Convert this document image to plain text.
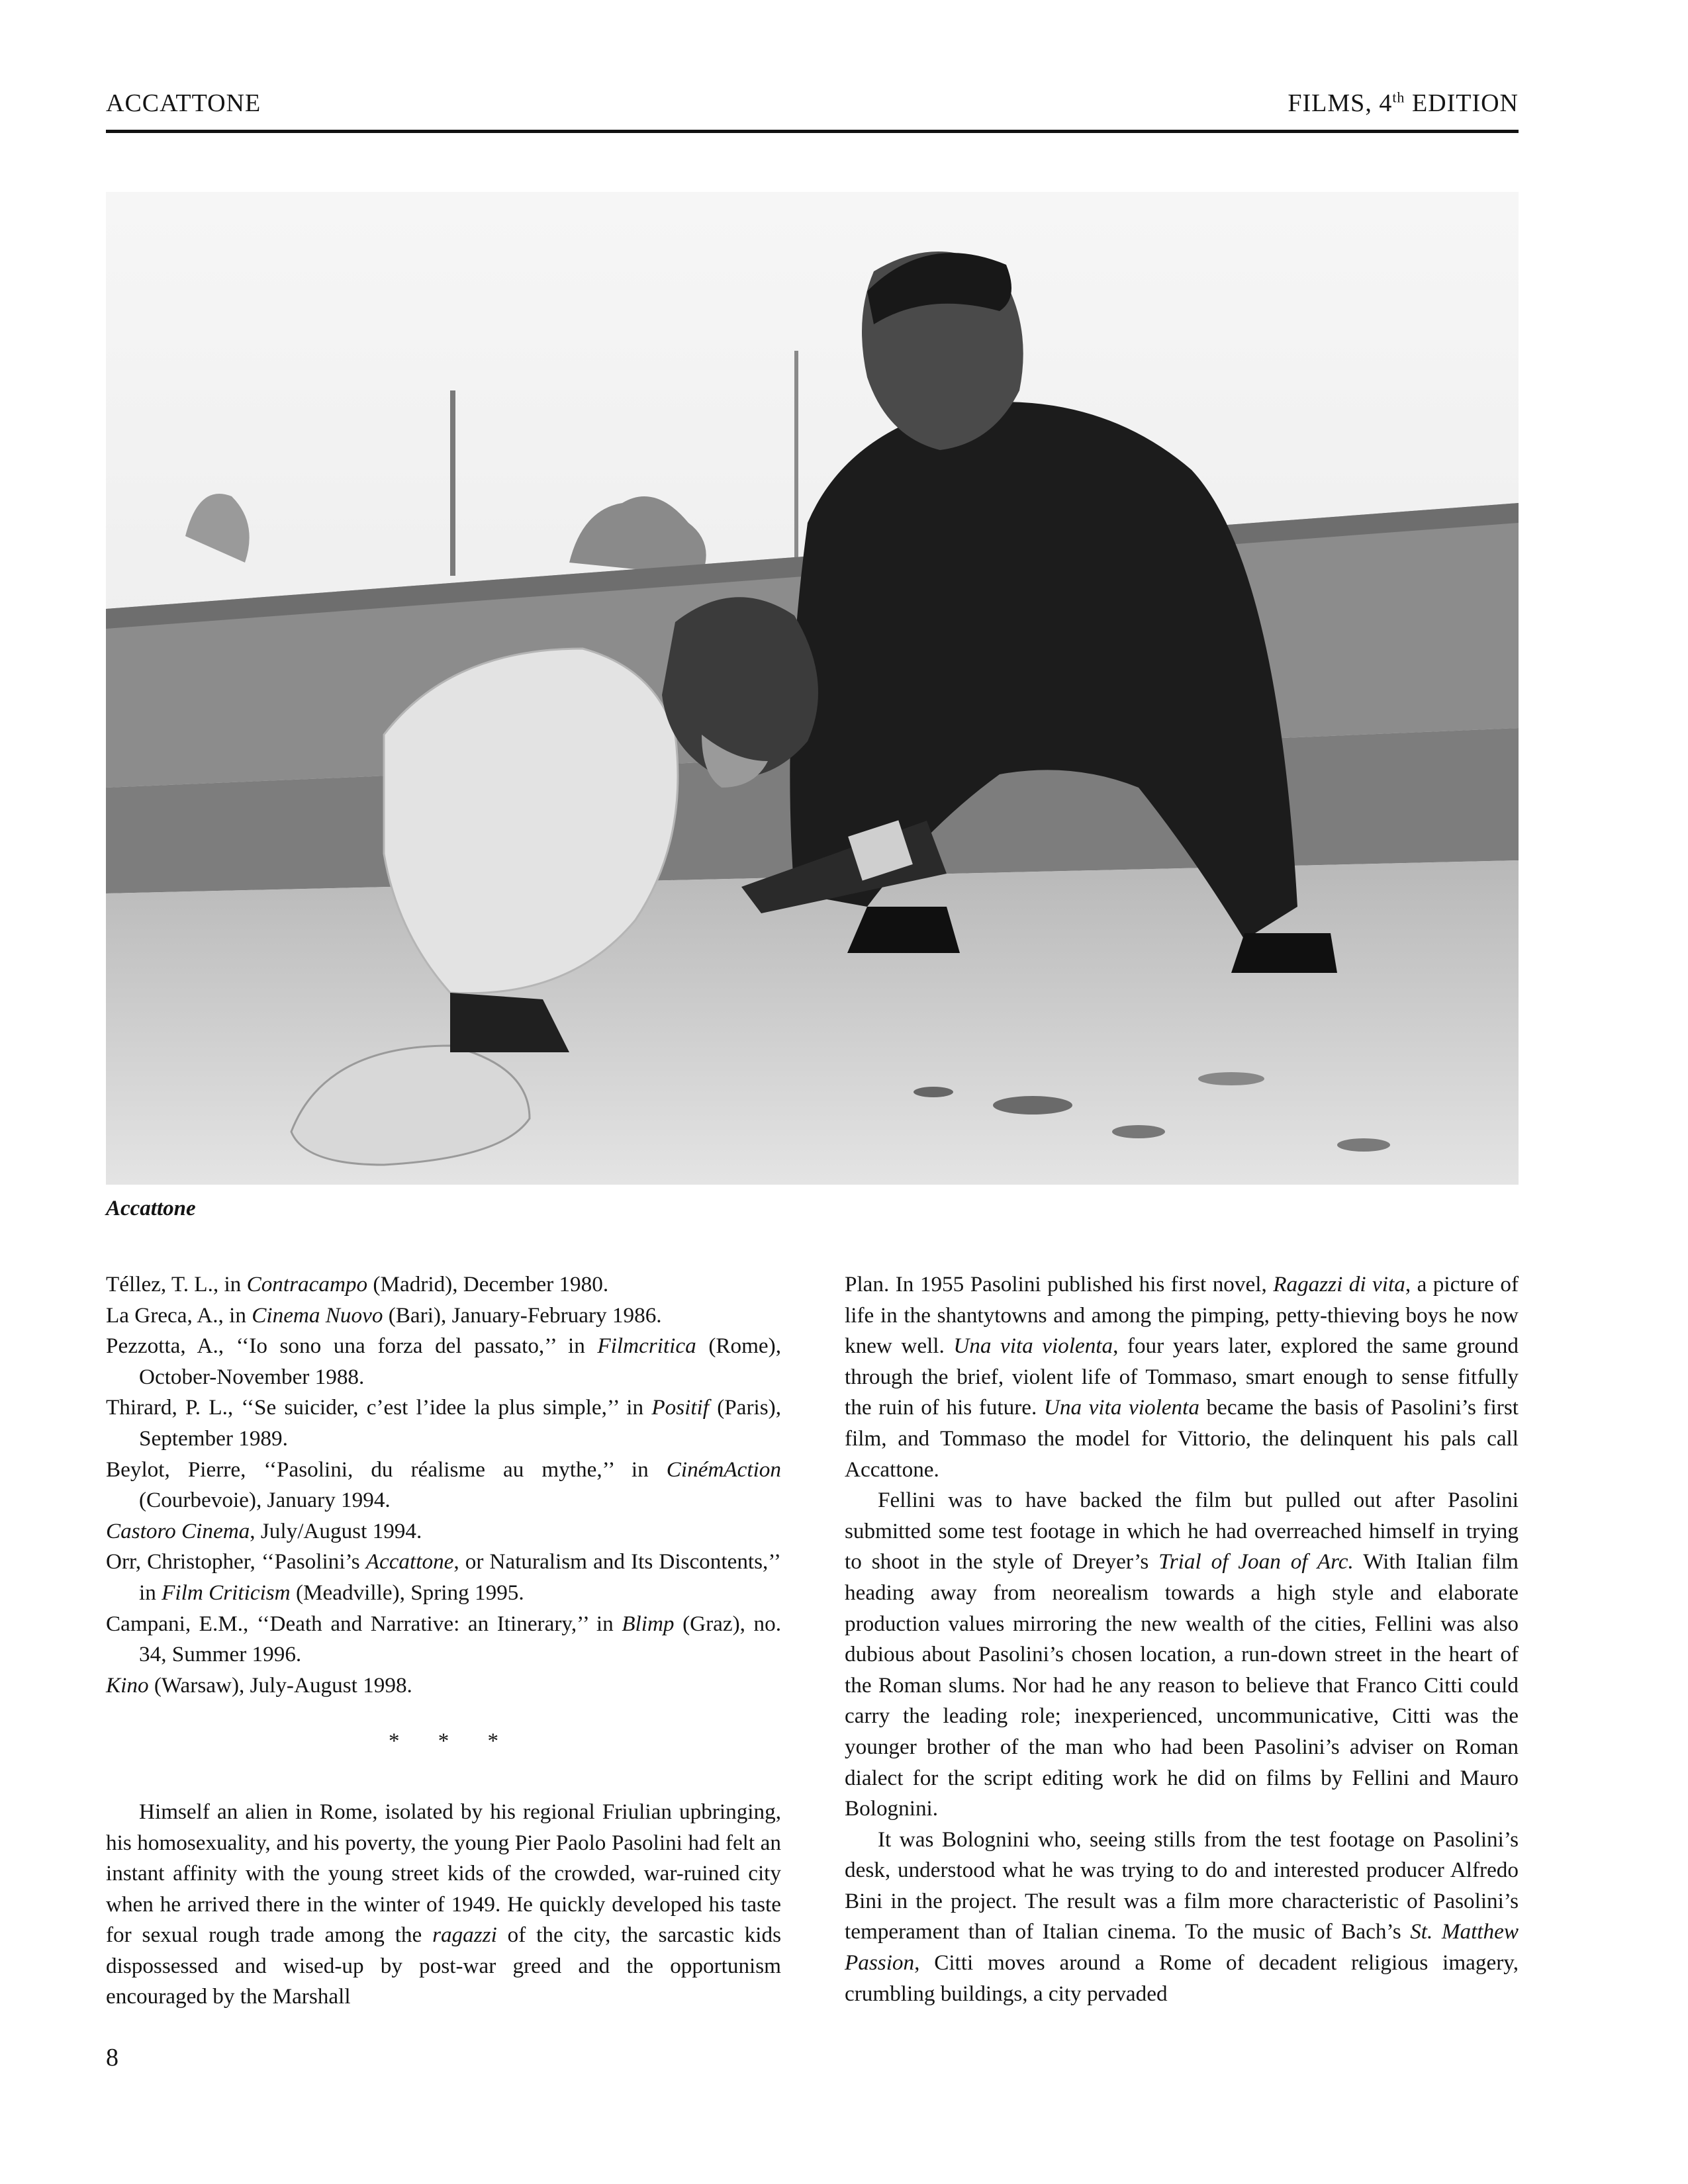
ACCATTONE	FILMS, 4th EDITION
Accattone

Téllez, T. L., in Contracampo (Madrid), December 1980.

La Greca, A., in Cinema Nuovo (Bari), January-February 1986.

Pezzotta, A., ‘‘Io sono una forza del passato,’’ in Filmcritica (Rome), October-November 1988.

Thirard, P. L., ‘‘Se suicider, c’est l’idee la plus simple,’’ in Positif (Paris), September 1989.

Beylot, Pierre, ‘‘Pasolini, du réalisme au mythe,’’ in CinémAction (Courbevoie), January 1994.

Castoro Cinema, July/August 1994.

Orr, Christopher, ‘‘Pasolini’s Accattone, or Naturalism and Its Discontents,’’ in Film Criticism (Meadville), Spring 1995.

Campani, E.M., ‘‘Death and Narrative: an Itinerary,’’ in Blimp (Graz), no. 34, Summer 1996.

Kino (Warsaw), July-August 1998.

* * *

Himself an alien in Rome, isolated by his regional Friulian upbringing, his homosexuality, and his poverty, the young Pier Paolo Pasolini had felt an instant affinity with the young street kids of the crowded, war-ruined city when he arrived there in the winter of 1949. He quickly developed his taste for sexual rough trade among the ragazzi of the city, the sarcastic kids dispossessed and wised-up by post-war greed and the opportunism encouraged by the Marshall

Plan. In 1955 Pasolini published his first novel, Ragazzi di vita, a picture of life in the shantytowns and among the pimping, petty-thieving boys he now knew well. Una vita violenta, four years later, explored the same ground through the brief, violent life of Tommaso, smart enough to sense fitfully the ruin of his future. Una vita violenta became the basis of Pasolini’s first film, and Tommaso the model for Vittorio, the delinquent his pals call Accattone.

Fellini was to have backed the film but pulled out after Pasolini submitted some test footage in which he had overreached himself in trying to shoot in the style of Dreyer’s Trial of Joan of Arc. With Italian film heading away from neorealism towards a high style and elaborate production values mirroring the new wealth of the cities, Fellini was also dubious about Pasolini’s chosen location, a run-down street in the heart of the Roman slums. Nor had he any reason to believe that Franco Citti could carry the leading role; inexperienced, uncommunicative, Citti was the younger brother of the man who had been Pasolini’s adviser on Roman dialect for the script editing work he did on films by Fellini and Mauro Bolognini.

It was Bolognini who, seeing stills from the test footage on Pasolini’s desk, understood what he was trying to do and interested producer Alfredo Bini in the project. The result was a film more characteristic of Pasolini’s temperament than of Italian cinema. To the music of Bach’s St. Matthew Passion, Citti moves around a Rome of decadent religious imagery, crumbling buildings, a city pervaded

8
